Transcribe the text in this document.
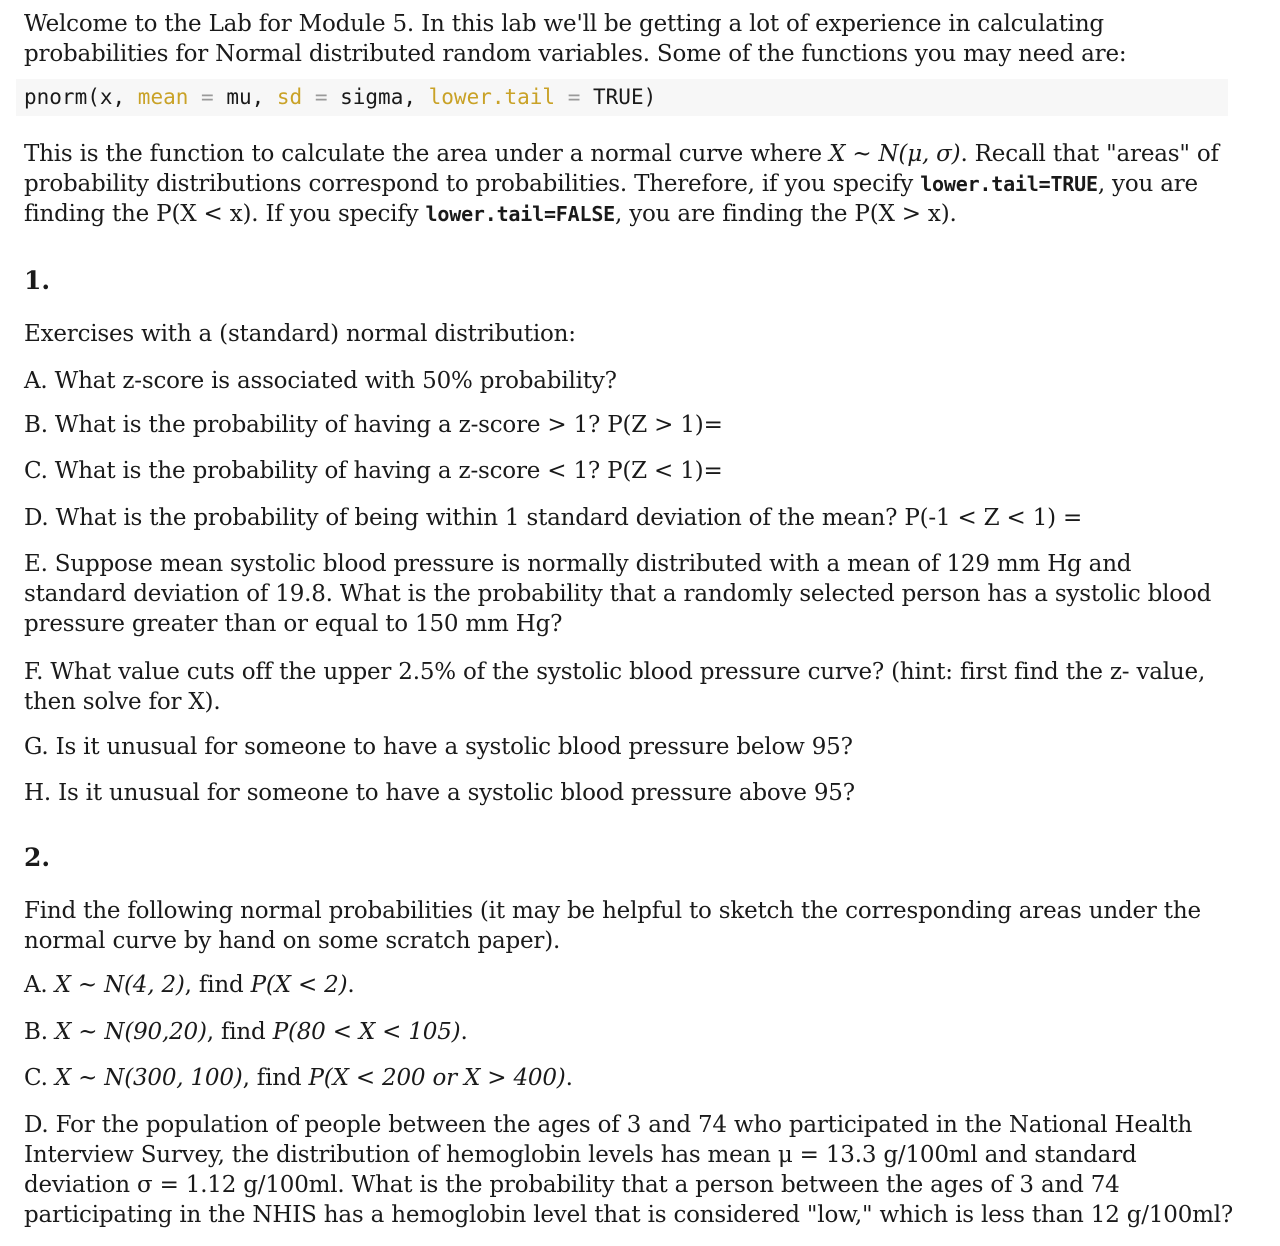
Welcome to the Lab for Module 5. In this lab we'll be getting a lot of experience in calculating probabilities for Normal distributed random variables. Some of the functions you may need are:

pnorm(x, mean = mu, sd = sigma, lower.tail = TRUE)

This is the function to calculate the area under a normal curve where X ~ N(μ, σ). Recall that "areas" of probability distributions correspond to probabilities. Therefore, if you specify lower.tail=TRUE, you are finding the P(X < x). If you specify lower.tail=FALSE, you are finding the P(X > x).

1.

Exercises with a (standard) normal distribution:

A. What z-score is associated with 50% probability?

B. What is the probability of having a z-score > 1? P(Z > 1)=

C. What is the probability of having a z-score < 1? P(Z < 1)=

D. What is the probability of being within 1 standard deviation of the mean? P(-1 < Z < 1) =

E. Suppose mean systolic blood pressure is normally distributed with a mean of 129 mm Hg and standard deviation of 19.8. What is the probability that a randomly selected person has a systolic blood pressure greater than or equal to 150 mm Hg?

F. What value cuts off the upper 2.5% of the systolic blood pressure curve? (hint: first find the z- value, then solve for X).

G. Is it unusual for someone to have a systolic blood pressure below 95?

H. Is it unusual for someone to have a systolic blood pressure above 95?

2.

Find the following normal probabilities (it may be helpful to sketch the corresponding areas under the normal curve by hand on some scratch paper).

A. X ~ N(4, 2), find P(X < 2).

B. X ~ N(90,20), find P(80 < X < 105).

C. X ~ N(300, 100), find P(X < 200 or X > 400).

D. For the population of people between the ages of 3 and 74 who participated in the National Health Interview Survey, the distribution of hemoglobin levels has mean μ = 13.3 g/100ml and standard deviation σ = 1.12 g/100ml. What is the probability that a person between the ages of 3 and 74 participating in the NHIS has a hemoglobin level that is considered "low," which is less than 12 g/100ml?
